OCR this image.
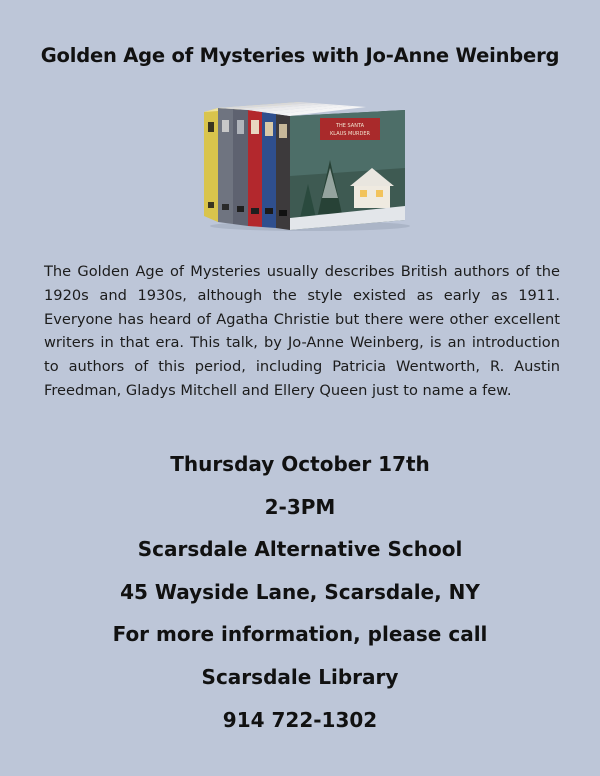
Golden Age of Mysteries with Jo-Anne Weinberg
THE SANTA
KLAUS MURDER
The Golden Age of Mysteries usually describes British authors of the 1920s and 1930s, although the style existed as early as 1911. Everyone has heard of Agatha Christie but there were other excellent writers in that era. This talk, by Jo-Anne Weinberg, is an introduction to authors of this period, including Patricia Wentworth, R. Austin Freedman, Gladys Mitchell and Ellery Queen just to name a few.
Thursday October 17th
2-3PM
Scarsdale Alternative School
45 Wayside Lane, Scarsdale, NY
For more information, please call
Scarsdale Library
914 722-1302
